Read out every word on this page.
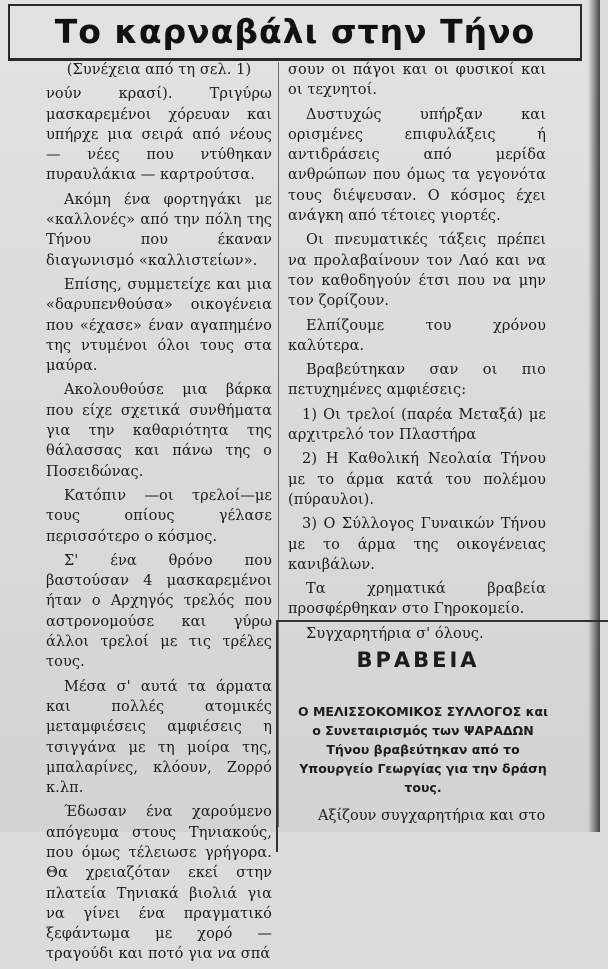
Το καρναβάλι στην Τήνο

(Συνέχεια από τη σελ. 1)

νούν κρασί). Τριγύρω μασκαρεμένοι χόρευαν και υπήρχε μια σειρά από νέους — νέες που ντύθηκαν πυραυλάκια — καρτρούτσα.

Ακόμη ένα φορτηγάκι με «καλλονές» από την πόλη της Τήνου που έκαναν διαγωνισμό «καλλιστείων».

Επίσης, συμμετείχε και μια «δαρυπενθούσα» οικογένεια που «έχασε» έναν αγαπημένο της ντυμένοι όλοι τους στα μαύρα.

Ακολουθούσε μια βάρκα που είχε σχετικά συνθήματα για την καθαριότητα της θάλασσας και πάνω της ο Ποσειδώνας.

Κατόπιν —οι τρελοί—με τους οπίους γέλασε περισσότερο ο κόσμος.

Σ' ένα θρόνο που βαστούσαν 4 μασκαρεμένοι ήταν ο Αρχηγός τρελός που αστρονομούσε και γύρω άλλοι τρελοί με τις τρέλες τους.

Μέσα σ' αυτά τα άρματα και πολλές ατομικές μεταμφιέσεις αμφιέσεις η τσιγγάνα με τη μοίρα της, μπαλαρίνες, κλόουν, Ζορρό κ.λπ.

Έδωσαν ένα χαρούμενο απόγευμα στους Τηνιακούς, που όμως τέλειωσε γρήγορα. Θα χρειαζόταν εκεί στην πλατεία Τηνιακά βιολιά για να γίνει ένα πραγματικό ξεφάντωμα με χορό —τραγούδι και ποτό για να σπά

σουν οι πάγοι και οι φυσικοί και οι τεχνητοί.

Δυστυχώς υπήρξαν και ορισμένες επιφυλάξεις ή αντιδράσεις από μερίδα ανθρώπων που όμως τα γεγονότα τους διέψευσαν. Ο κόσμος έχει ανάγκη από τέτοιες γιορτές.

Οι πνευματικές τάξεις πρέπει να προλαβαίνουν τον Λαό και να τον καθοδηγούν έτσι που να μην τον ζορίζουν.

Ελπίζουμε του χρόνου καλύτερα.

Βραβεύτηκαν σαν οι πιο πετυχημένες αμφιέσεις:

1) Οι τρελοί (παρέα Μεταξά) με αρχιτρελό τον Πλαστήρα

2) Η Καθολική Νεολαία Τήνου με το άρμα κατά του πολέμου (πύραυλοι).

3) Ο Σύλλογος Γυναικών Τήνου με το άρμα της οικογένειας κανιβάλων.

Τα χρηματικά βραβεία προσφέρθηκαν στο Γηροκομείο.

Συγχαρητήρια σ' όλους.

ΒΡΑΒΕΙΑ
Ο ΜΕΛΙΣΣΟΚΟΜΙΚΟΣ ΣΥΛΛΟΓΟΣ και ο Συνεταιρισμός των ΨΑΡΑΔΩΝ Τήνου βραβεύτηκαν από το Υπουργείο Γεωργίας για την δράση τους.
Αξίζουν συγχαρητήρια και στο
